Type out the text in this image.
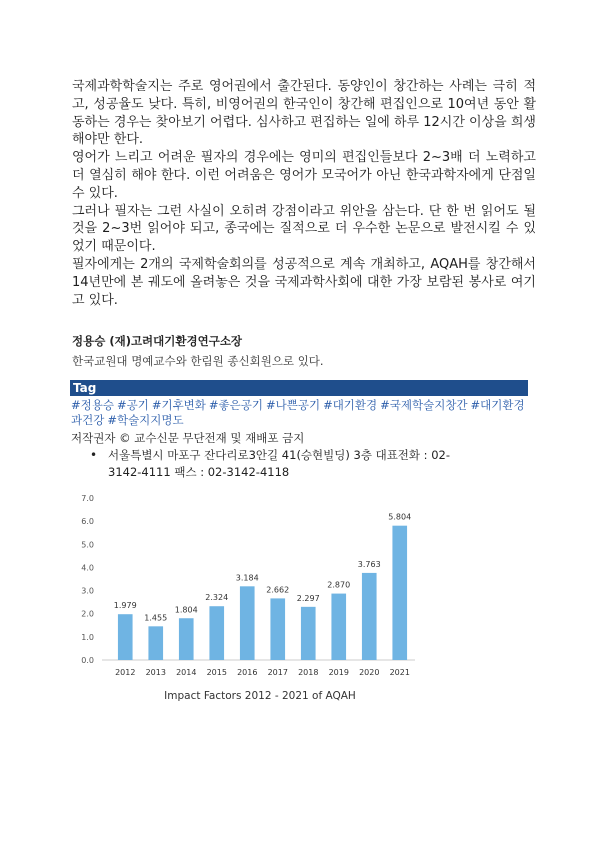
국제과학학술지는 주로 영어권에서 출간된다. 동양인이 창간하는 사례는 극히 적고, 성공율도 낮다. 특히, 비영어권의 한국인이 창간해 편집인으로 10여년 동안 활동하는 경우는 찾아보기 어렵다. 심사하고 편집하는 일에 하루 12시간 이상을 희생해야만 한다.

영어가 느리고 어려운 필자의 경우에는 영미의 편집인들보다 2~3배 더 노력하고 더 열심히 해야 한다. 이런 어려움은 영어가 모국어가 아닌 한국과학자에게 단점일 수 있다.

그러나 필자는 그런 사실이 오히려 강점이라고 위안을 삼는다. 단 한 번 읽어도 될 것을 2~3번 읽어야 되고, 종국에는 질적으로 더 우수한 논문으로 발전시킬 수 있었기 때문이다.

필자에게는 2개의 국제학술회의를 성공적으로 계속 개최하고, AQAH를 창간해서 14년만에 본 궤도에 올려놓은 것을 국제과학사회에 대한 가장 보람된 봉사로 여기고 있다.

정용승 (재)고려대기환경연구소장

한국교원대 명예교수와 한림원 종신회원으로 있다.

Tag
#정용승 #공기 #기후변화 #좋은공기 #나쁜공기 #대기환경 #국제학술지창간 #대기환경과건강 #학술지지명도
저작권자 © 교수신문 무단전재 및 재배포 금지
• 서울특별시 마포구 잔다리로3안길 41(승현빌딩) 3층 대표전화 : 02-
3142-4111 팩스 : 02-3142-4118
0.0
1.0
2.0
3.0
4.0
5.0
6.0
7.0
1.979
2012
1.455
2013
1.804
2014
2.324
2015
3.184
2016
2.662
2017
2.297
2018
2.870
2019
3.763
2020
5.804
2021
Impact Factors 2012 - 2021 of AQAH
